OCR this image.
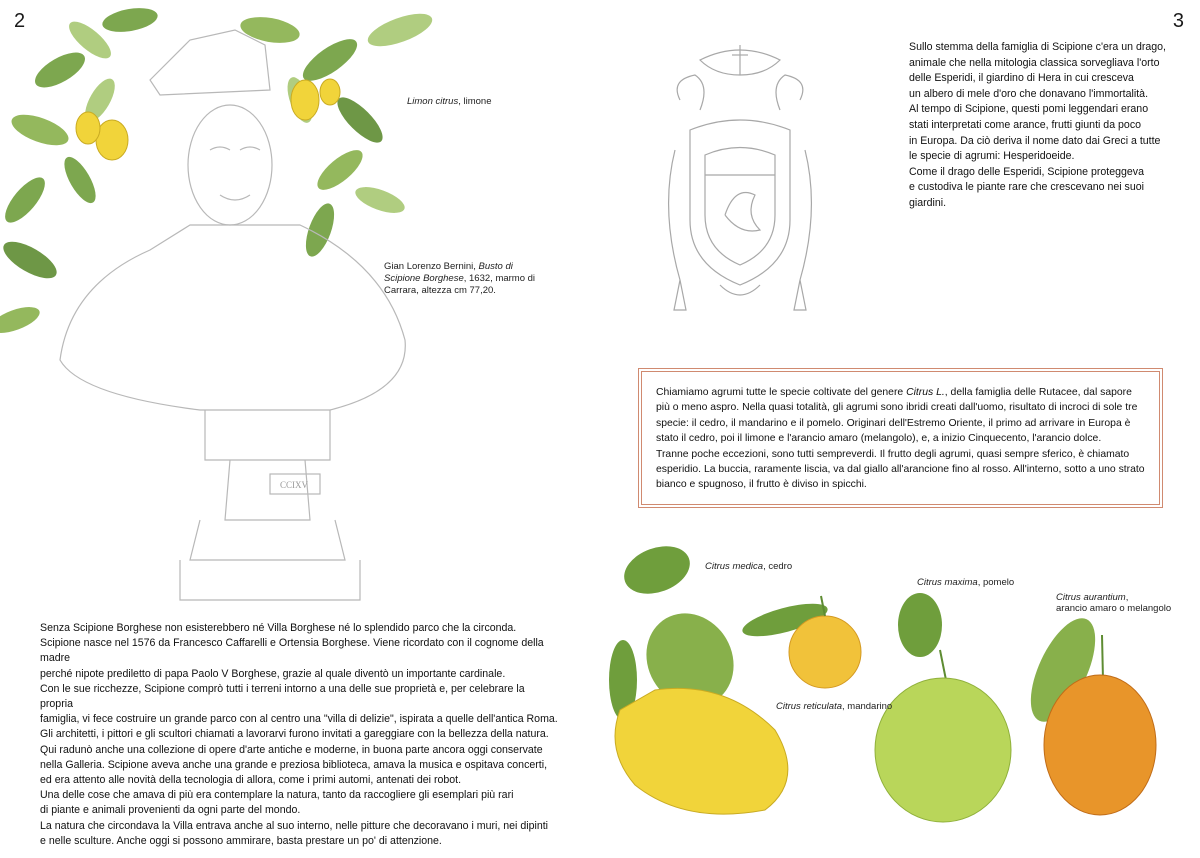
2	3
CCIXV
Limon citrus, limone
Gian Lorenzo Bernini, Busto di Scipione Borghese, 1632, marmo di Carrara, altezza cm 77,20.
Citrus medica, cedro
Citrus maxima, pomelo
Citrus aurantium,
arancio amaro o melangolo
Citrus reticulata, mandarino

Senza Scipione Borghese non esisterebbero né Villa Borghese né lo splendido parco che la circonda.

Scipione nasce nel 1576 da Francesco Caffarelli e Ortensia Borghese. Viene ricordato con il cognome della madre

perché nipote prediletto di papa Paolo V Borghese, grazie al quale diventò un importante cardinale.

Con le sue ricchezze, Scipione comprò tutti i terreni intorno a una delle sue proprietà e, per celebrare la propria

famiglia, vi fece costruire un grande parco con al centro una "villa di delizie", ispirata a quelle dell'antica Roma.

Gli architetti, i pittori e gli scultori chiamati a lavorarvi furono invitati a gareggiare con la bellezza della natura.

Qui radunò anche una collezione di opere d'arte antiche e moderne, in buona parte ancora oggi conservate

nella Galleria. Scipione aveva anche una grande e preziosa biblioteca, amava la musica e ospitava concerti,

ed era attento alle novità della tecnologia di allora, come i primi automi, antenati dei robot.

Una delle cose che amava di più era contemplare la natura, tanto da raccogliere gli esemplari più rari

di piante e animali provenienti da ogni parte del mondo.

La natura che circondava la Villa entrava anche al suo interno, nelle pitture che decoravano i muri, nei dipinti

e nelle sculture. Anche oggi si possono ammirare, basta prestare un po' di attenzione.

Sullo stemma della famiglia di Scipione c'era un drago,

animale che nella mitologia classica sorvegliava l'orto

delle Esperidi, il giardino di Hera in cui cresceva

un albero di mele d'oro che donavano l'immortalità.

Al tempo di Scipione, questi pomi leggendari erano

stati interpretati come arance, frutti giunti da poco

in Europa. Da ciò deriva il nome dato dai Greci a tutte

le specie di agrumi: Hesperidoeide.

Come il drago delle Esperidi, Scipione proteggeva

e custodiva le piante rare che crescevano nei suoi

giardini.

Chiamiamo agrumi tutte le specie coltivate del genere Citrus L., della famiglia delle Rutacee, dal sapore più o meno aspro. Nella quasi totalità, gli agrumi sono ibridi creati dall'uomo, risultato di incroci di sole tre specie: il cedro, il mandarino e il pomelo. Originari dell'Estremo Oriente, il primo ad arrivare in Europa è stato il cedro, poi il limone e l'arancio amaro (melangolo), e, a inizio Cinquecento, l'arancio dolce.

Tranne poche eccezioni, sono tutti sempreverdi. Il frutto degli agrumi, quasi sempre sferico, è chiamato esperidio. La buccia, raramente liscia, va dal giallo all'arancione fino al rosso. All'interno, sotto a uno strato bianco e spugnoso, il frutto è diviso in spicchi.
